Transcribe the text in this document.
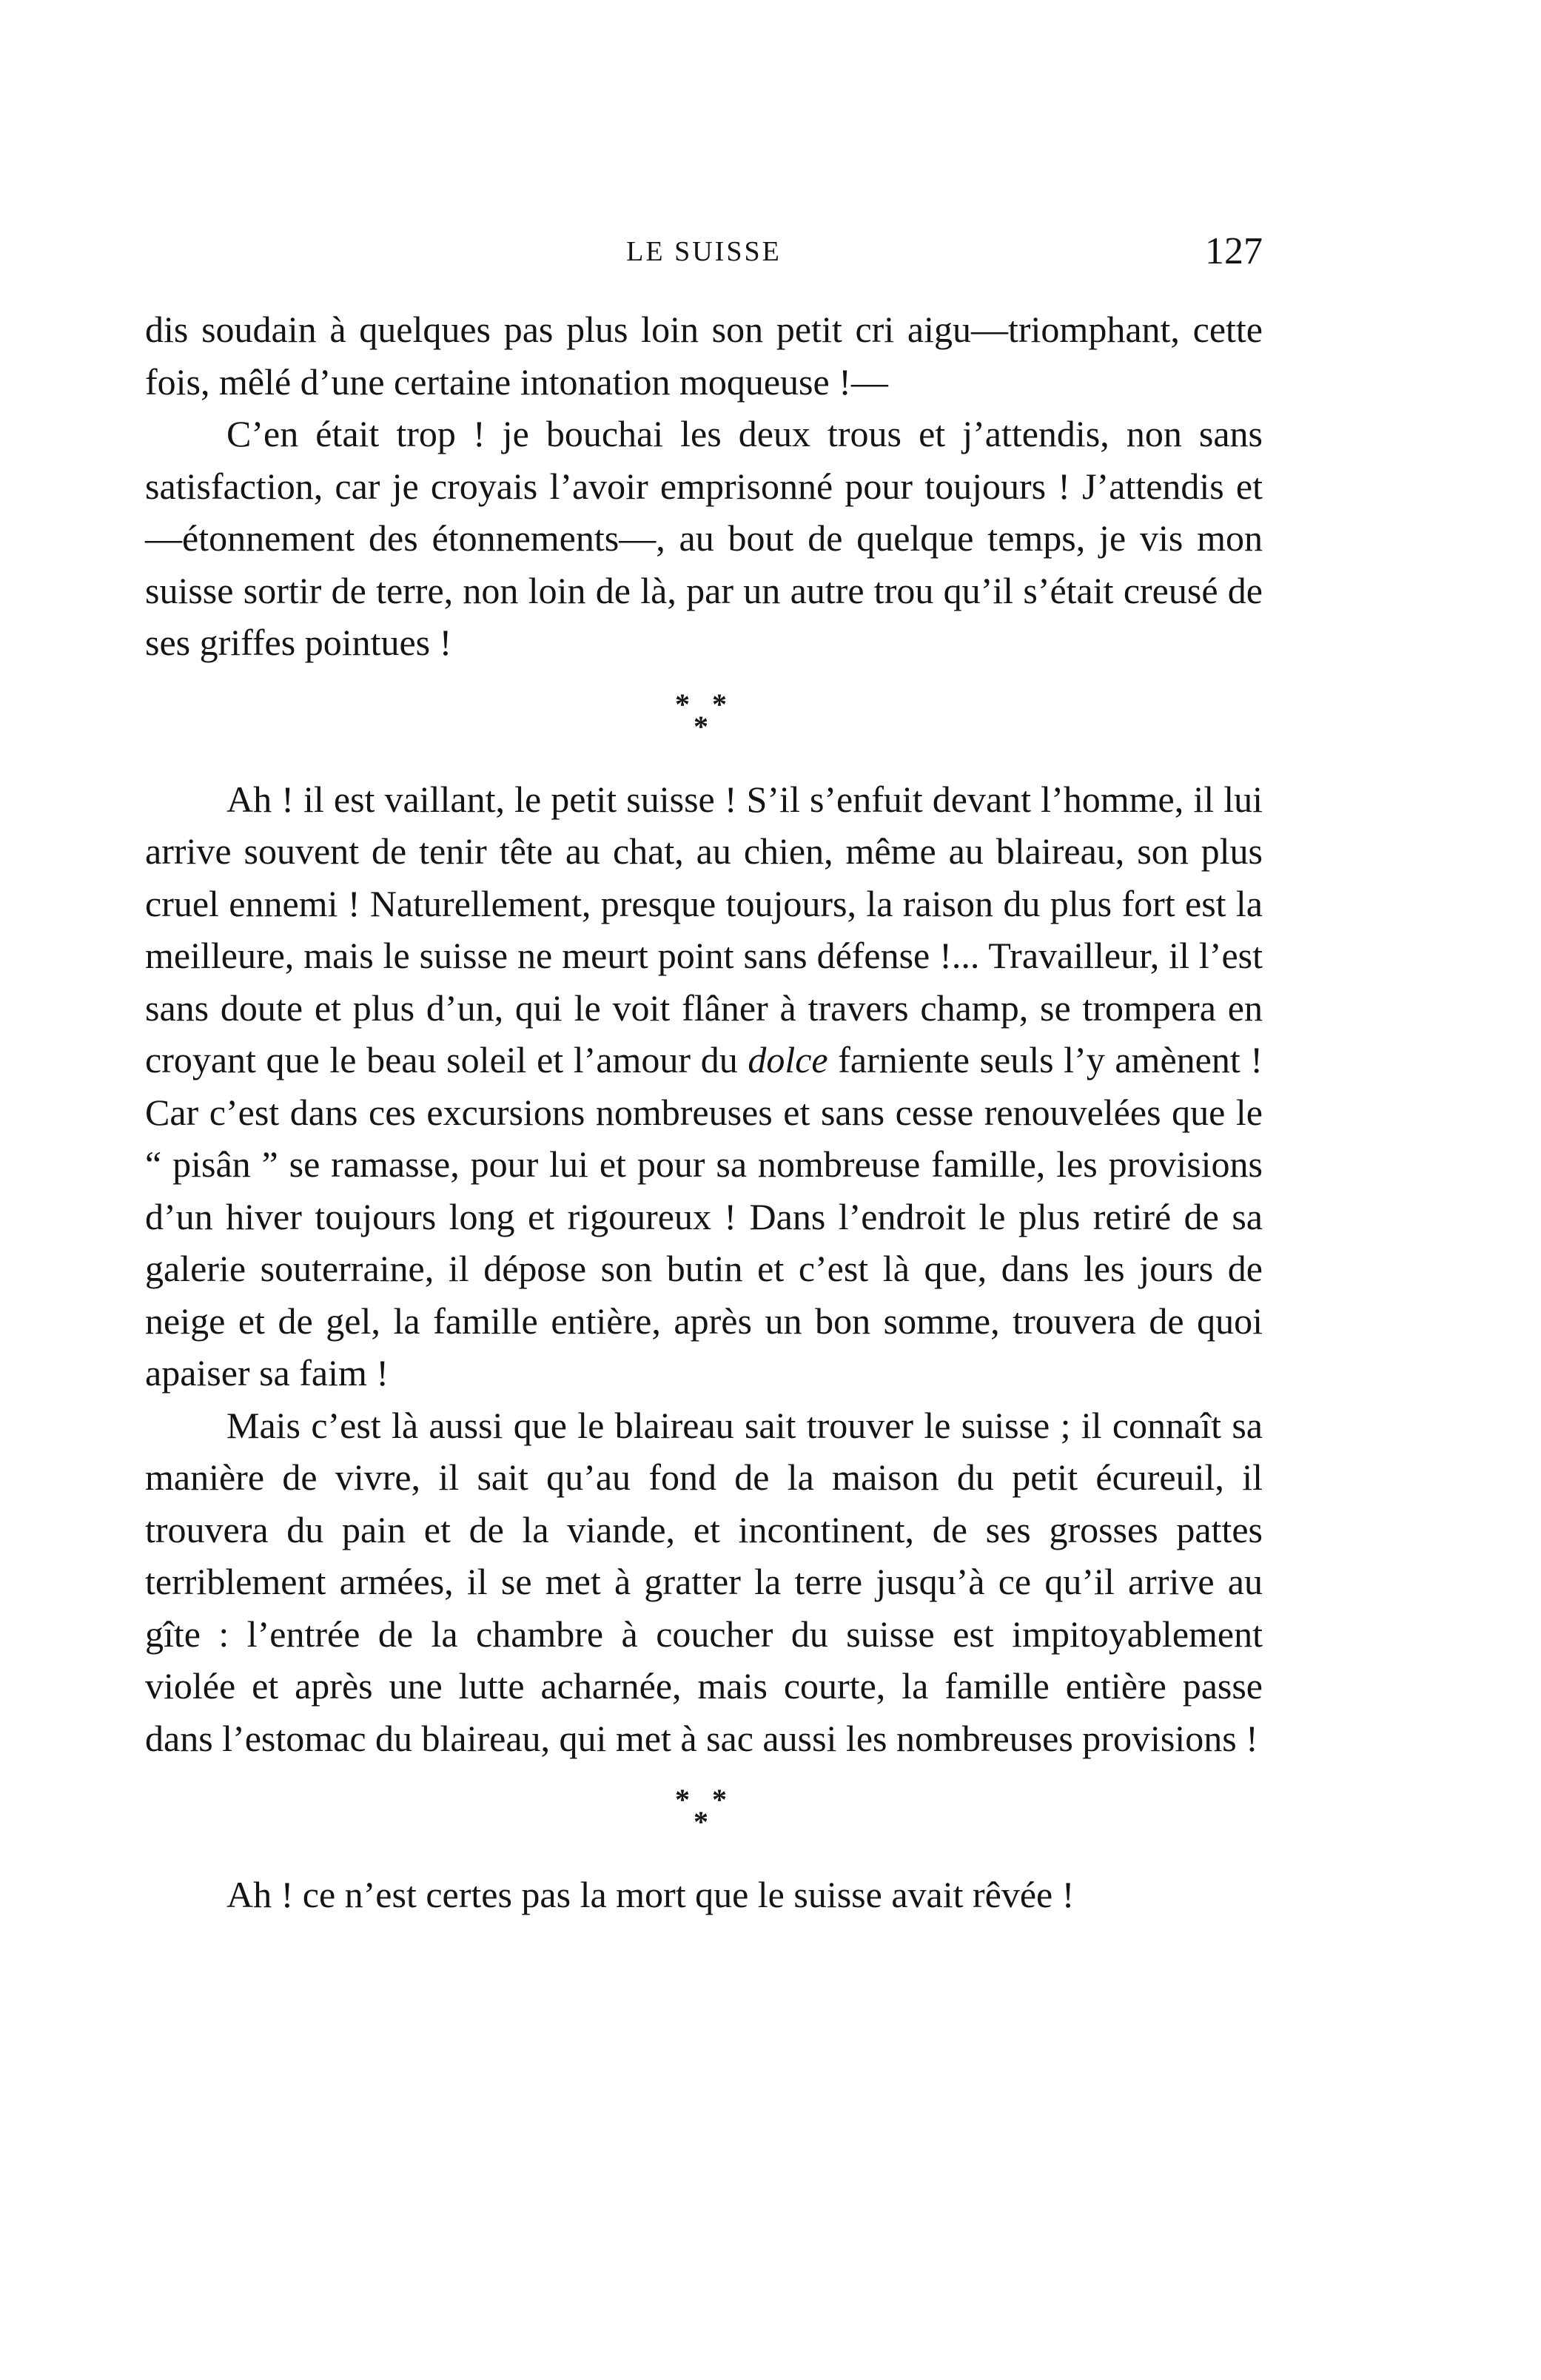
LE SUISSE	127

dis soudain à quelques pas plus loin son petit cri aigu—triomphant, cette fois, mêlé d’une certaine intonation moqueuse !—

C’en était trop ! je bouchai les deux trous et j’attendis, non sans satisfaction, car je croyais l’avoir emprisonné pour toujours ! J’attendis et—étonnement des étonnements—, au bout de quelque temps, je vis mon suisse sortir de terre, non loin de là, par un autre trou qu’il s’était creusé de ses griffes pointues !

* *
*

Ah ! il est vaillant, le petit suisse ! S’il s’enfuit devant l’homme, il lui arrive souvent de tenir tête au chat, au chien, même au blaireau, son plus cruel ennemi ! Naturellement, presque toujours, la raison du plus fort est la meilleure, mais le suisse ne meurt point sans défense !... Travailleur, il l’est sans doute et plus d’un, qui le voit flâner à travers champ, se trompera en croyant que le beau soleil et l’amour du dolce farniente seuls l’y amènent ! Car c’est dans ces excursions nombreuses et sans cesse renouvelées que le “ pisân ” se ramasse, pour lui et pour sa nombreuse famille, les provisions d’un hiver toujours long et rigoureux ! Dans l’endroit le plus retiré de sa galerie souterraine, il dépose son butin et c’est là que, dans les jours de neige et de gel, la famille entière, après un bon somme, trouvera de quoi apaiser sa faim !

Mais c’est là aussi que le blaireau sait trouver le suisse ; il connaît sa manière de vivre, il sait qu’au fond de la maison du petit écureuil, il trouvera du pain et de la viande, et incontinent, de ses grosses pattes terriblement armées, il se met à gratter la terre jusqu’à ce qu’il arrive au gîte : l’entrée de la chambre à coucher du suisse est impitoyablement violée et après une lutte acharnée, mais courte, la famille entière passe dans l’estomac du blaireau, qui met à sac aussi les nombreuses provisions !

* *
*

Ah ! ce n’est certes pas la mort que le suisse avait rêvée !
